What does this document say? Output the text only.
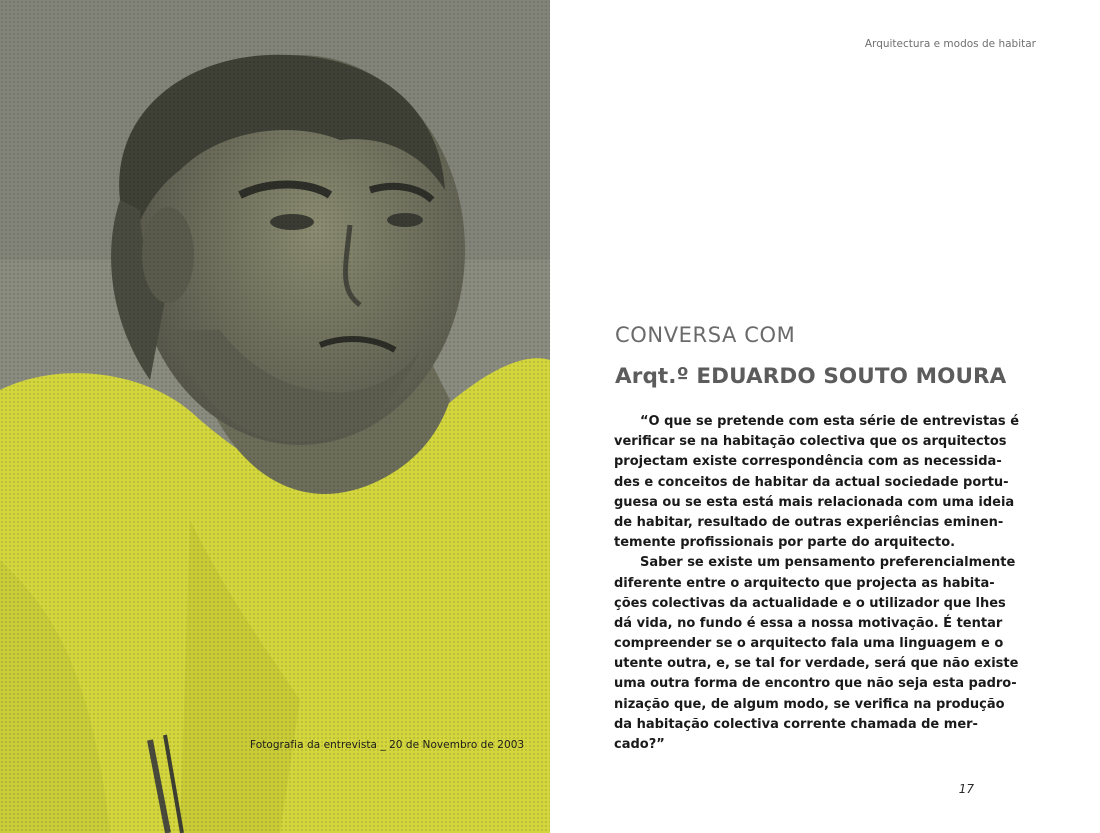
Fotografia da entrevista _ 20 de Novembro de 2003
Arquitectura e modos de habitar
CONVERSA COM
Arqt.º EDUARDO SOUTO MOURA
“O que se pretende com esta série de entrevistas é
verificar se na habitação colectiva que os arquitectos
projectam existe correspondência com as necessida-
des e conceitos de habitar da actual sociedade portu-
guesa ou se esta está mais relacionada com uma ideia
de habitar, resultado de outras experiências eminen-
temente profissionais por parte do arquitecto.
Saber se existe um pensamento preferencialmente
diferente entre o arquitecto que projecta as habita-
ções colectivas da actualidade e o utilizador que lhes
dá vida, no fundo é essa a nossa motivação. É tentar
compreender se o arquitecto fala uma linguagem e o
utente outra, e, se tal for verdade, será que não existe
uma outra forma de encontro que não seja esta padro-
nização que, de algum modo, se verifica na produção
da habitação colectiva corrente chamada de mer-
cado?”
17
